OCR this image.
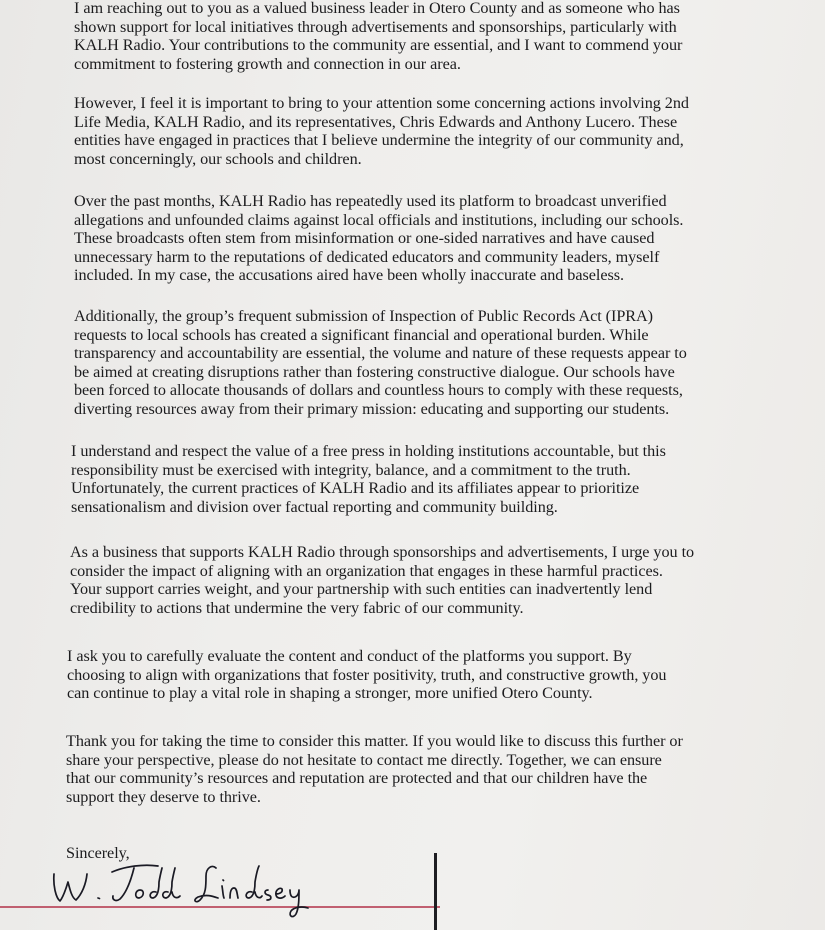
I am reaching out to you as a valued business leader in Otero County and as someone who has
shown support for local initiatives through advertisements and sponsorships, particularly with
KALH Radio. Your contributions to the community are essential, and I want to commend your
commitment to fostering growth and connection in our area.

However, I feel it is important to bring to your attention some concerning actions involving 2nd
Life Media, KALH Radio, and its representatives, Chris Edwards and Anthony Lucero. These
entities have engaged in practices that I believe undermine the integrity of our community and,
most concerningly, our schools and children.

Over the past months, KALH Radio has repeatedly used its platform to broadcast unverified
allegations and unfounded claims against local officials and institutions, including our schools.
These broadcasts often stem from misinformation or one-sided narratives and have caused
unnecessary harm to the reputations of dedicated educators and community leaders, myself
included. In my case, the accusations aired have been wholly inaccurate and baseless.

Additionally, the group’s frequent submission of Inspection of Public Records Act (IPRA)
requests to local schools has created a significant financial and operational burden. While
transparency and accountability are essential, the volume and nature of these requests appear to
be aimed at creating disruptions rather than fostering constructive dialogue. Our schools have
been forced to allocate thousands of dollars and countless hours to comply with these requests,
diverting resources away from their primary mission: educating and supporting our students.

I understand and respect the value of a free press in holding institutions accountable, but this
responsibility must be exercised with integrity, balance, and a commitment to the truth.
Unfortunately, the current practices of KALH Radio and its affiliates appear to prioritize
sensationalism and division over factual reporting and community building.

As a business that supports KALH Radio through sponsorships and advertisements, I urge you to
consider the impact of aligning with an organization that engages in these harmful practices.
Your support carries weight, and your partnership with such entities can inadvertently lend
credibility to actions that undermine the very fabric of our community.

I ask you to carefully evaluate the content and conduct of the platforms you support. By
choosing to align with organizations that foster positivity, truth, and constructive growth, you
can continue to play a vital role in shaping a stronger, more unified Otero County.

Thank you for taking the time to consider this matter. If you would like to discuss this further or
share your perspective, please do not hesitate to contact me directly. Together, we can ensure
that our community’s resources and reputation are protected and that our children have the
support they deserve to thrive.

Sincerely,
